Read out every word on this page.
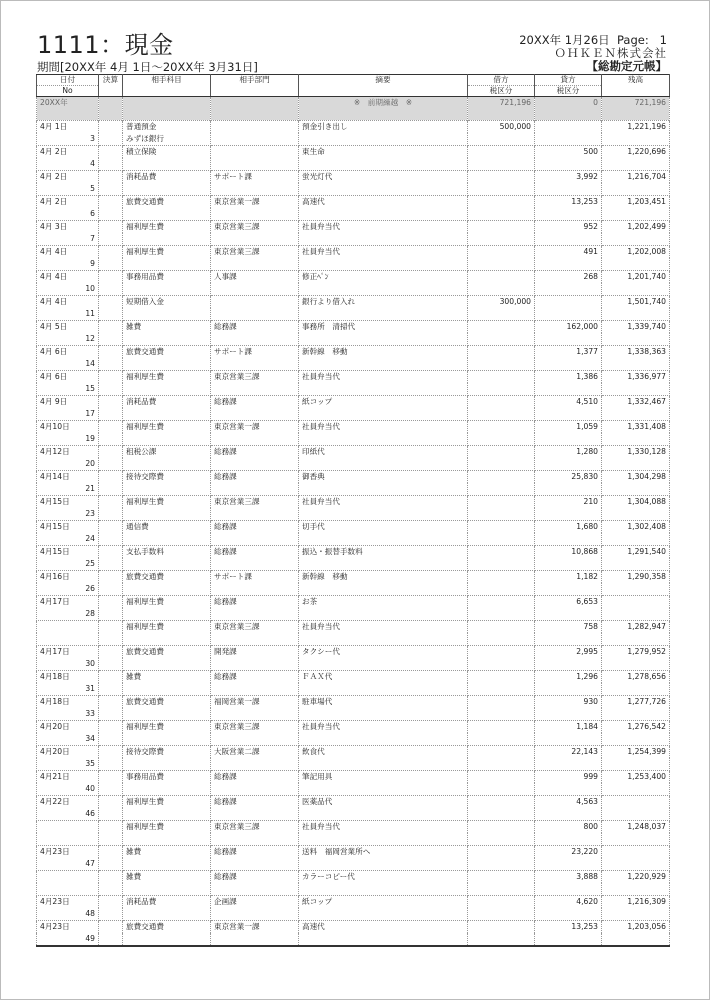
1111：現金
期間[20XX年 4月 1日～20XX年 3月31日]
20XX年 1月26日  Page:   1
ＯＨＫＥＮ株式会社
【総勘定元帳】
日付	決算	相手科目	相手部門	摘要	借方	貸方	残高
No					税区分	税区分	
20XX年				※　前期繰越　※	721,196	0	721,196
4月 1日		普通預金		預金引き出し	500,000		1,221,196
3		みずほ銀行					
4月 2日		積立保険		東生命		500	1,220,696
4							
4月 2日		消耗品費	サポート課	蛍光灯代		3,992	1,216,704
5							
4月 2日		旅費交通費	東京営業一課	高速代		13,253	1,203,451
6							
4月 3日		福利厚生費	東京営業三課	社員弁当代		952	1,202,499
7							
4月 4日		福利厚生費	東京営業三課	社員弁当代		491	1,202,008
9							
4月 4日		事務用品費	人事課	修正ﾍﾟﾝ		268	1,201,740
10							
4月 4日		短期借入金		銀行より借入れ	300,000		1,501,740
11							
4月 5日		雑費	総務課	事務所　清掃代		162,000	1,339,740
12							
4月 6日		旅費交通費	サポート課	新幹線　移動		1,377	1,338,363
14							
4月 6日		福利厚生費	東京営業三課	社員弁当代		1,386	1,336,977
15							
4月 9日		消耗品費	総務課	紙コップ		4,510	1,332,467
17							
4月10日		福利厚生費	東京営業一課	社員弁当代		1,059	1,331,408
19							
4月12日		租税公課	総務課	印紙代		1,280	1,330,128
20							
4月14日		接待交際費	総務課	御香典		25,830	1,304,298
21							
4月15日		福利厚生費	東京営業三課	社員弁当代		210	1,304,088
23							
4月15日		通信費	総務課	切手代		1,680	1,302,408
24							
4月15日		支払手数料	総務課	振込・振替手数料		10,868	1,291,540
25							
4月16日		旅費交通費	サポート課	新幹線　移動		1,182	1,290,358
26							
4月17日		福利厚生費	総務課	お茶		6,653	
28							
		福利厚生費	東京営業三課	社員弁当代		758	1,282,947

4月17日		旅費交通費	開発課	タクシー代		2,995	1,279,952
30							
4月18日		雑費	総務課	ＦＡＸ代		1,296	1,278,656
31							
4月18日		旅費交通費	福岡営業一課	駐車場代		930	1,277,726
33							
4月20日		福利厚生費	東京営業三課	社員弁当代		1,184	1,276,542
34							
4月20日		接待交際費	大阪営業二課	飲食代		22,143	1,254,399
35							
4月21日		事務用品費	総務課	筆記用具		999	1,253,400
40							
4月22日		福利厚生費	総務課	医薬品代		4,563	
46							
		福利厚生費	東京営業三課	社員弁当代		800	1,248,037

4月23日		雑費	総務課	送料　福岡営業所へ		23,220	
47							
		雑費	総務課	カラーコピー代		3,888	1,220,929

4月23日		消耗品費	企画課	紙コップ		4,620	1,216,309
48							
4月23日		旅費交通費	東京営業一課	高速代		13,253	1,203,056
49							
